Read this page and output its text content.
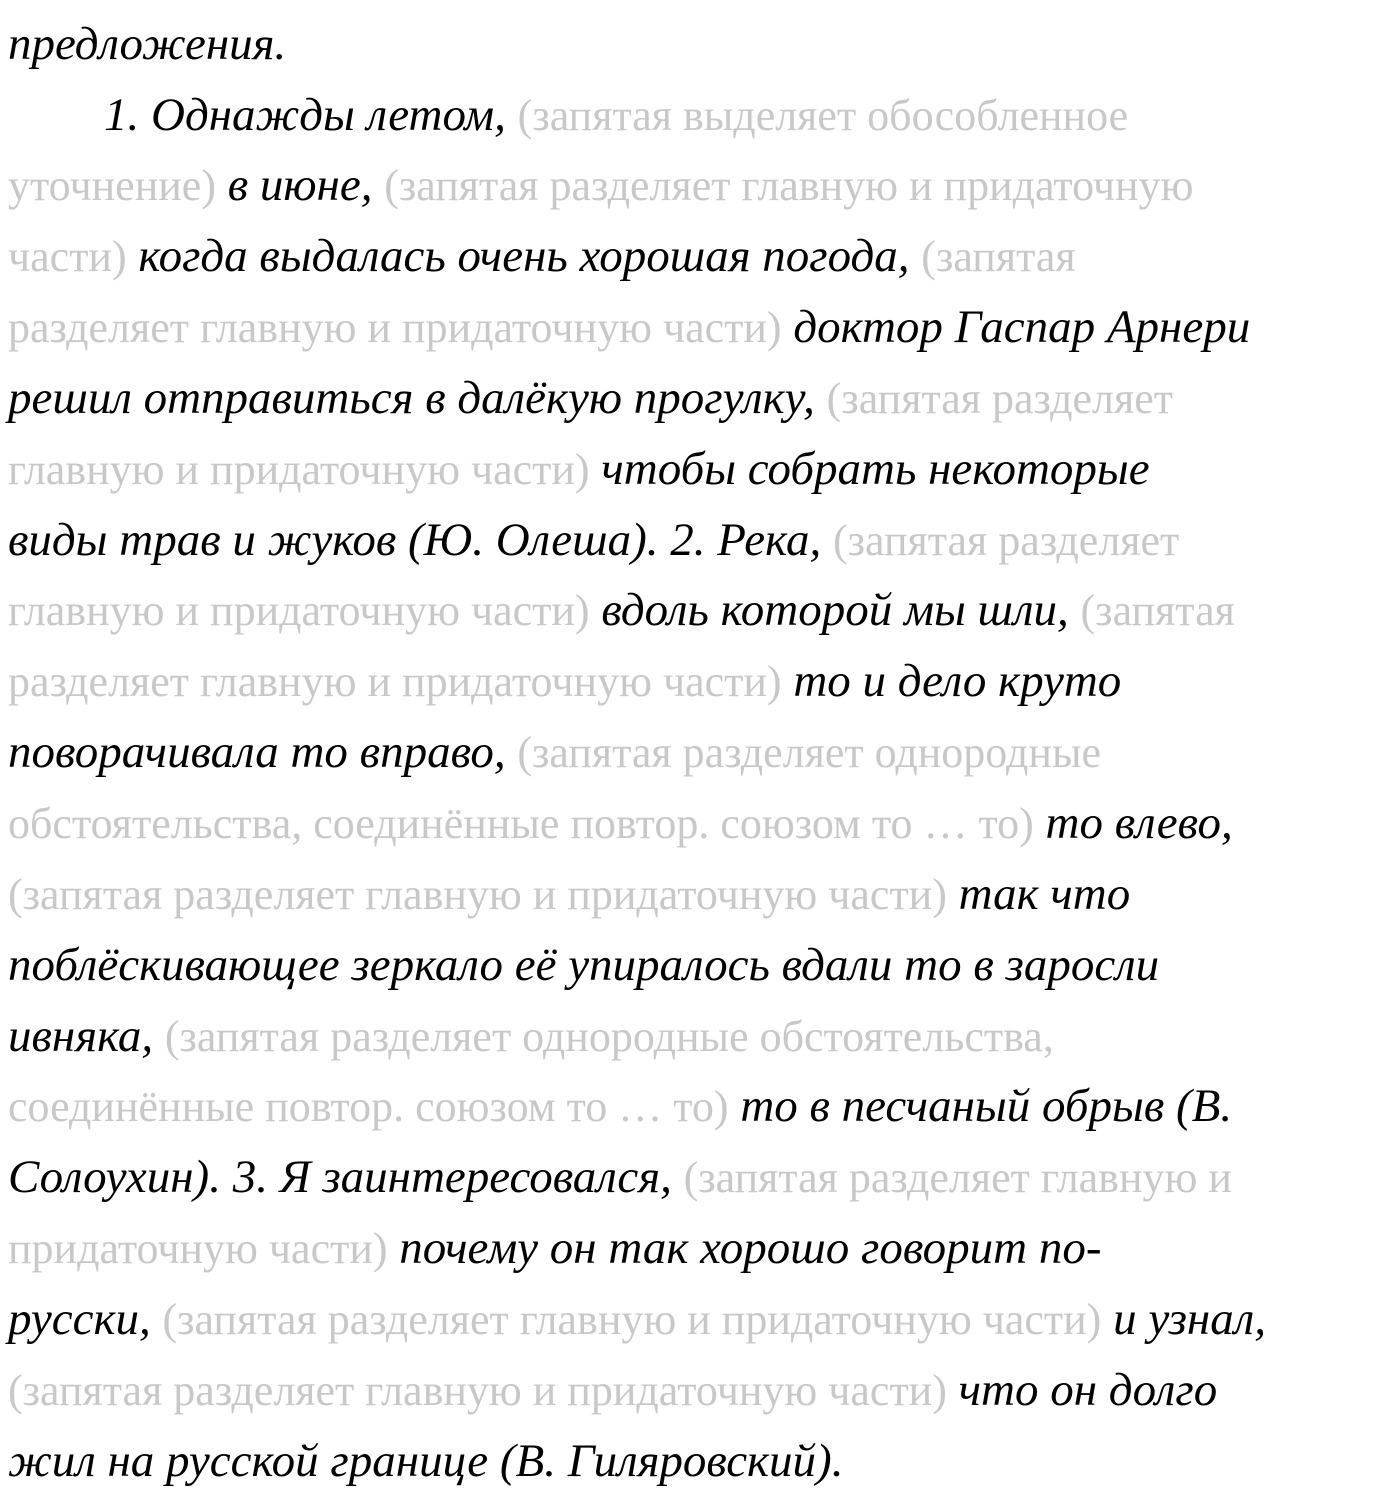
предложения.
1. Однажды летом, (запятая выделяет обособленное
уточнение) в июне, (запятая разделяет главную и придаточную
части) когда выдалась очень хорошая погода, (запятая
разделяет главную и придаточную части) доктор Гаспар Арнери
решил отправиться в далёкую прогулку, (запятая разделяет
главную и придаточную части) чтобы собрать некоторые
виды трав и жуков (Ю. Олеша). 2. Река, (запятая разделяет
главную и придаточную части) вдоль которой мы шли, (запятая
разделяет главную и придаточную части) то и дело круто
поворачивала то вправо, (запятая разделяет однородные
обстоятельства, соединённые повтор. союзом то … то) то влево,
(запятая разделяет главную и придаточную части) так что
поблёскивающее зеркало её упиралось вдали то в заросли
ивняка, (запятая разделяет однородные обстоятельства,
соединённые повтор. союзом то … то) то в песчаный обрыв (В.
Солоухин). 3. Я заинтересовался, (запятая разделяет главную и
придаточную части) почему он так хорошо говорит по-
русски, (запятая разделяет главную и придаточную части) и узнал,
(запятая разделяет главную и придаточную части) что он долго
жил на русской границе (В. Гиляровский).
